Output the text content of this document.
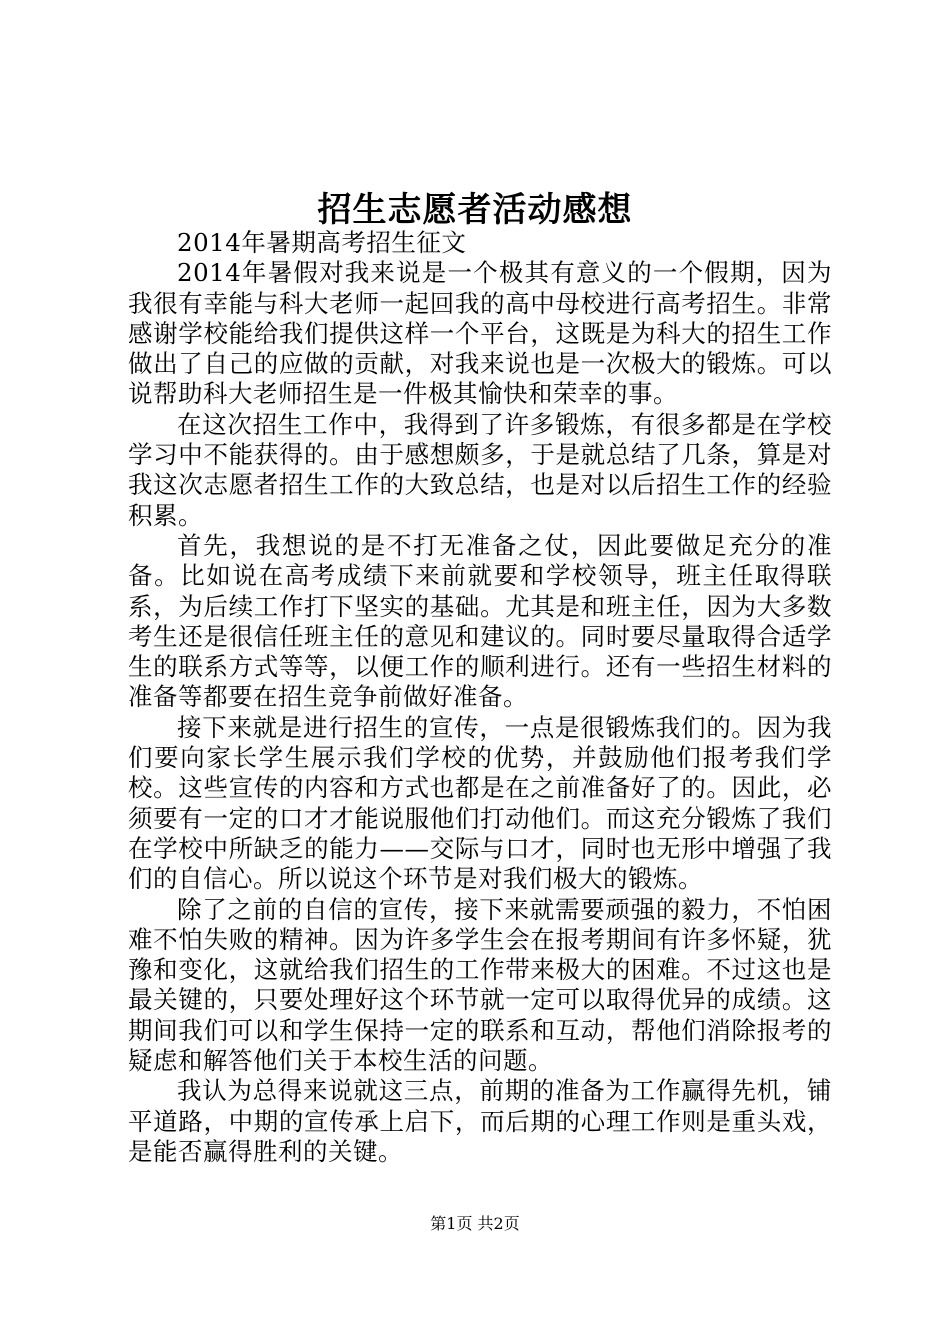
招生志愿者活动感想

2014年暑期高考招生征文

2014年暑假对我来说是一个极其有意义的一个假期，因为我很有幸能与科大老师一起回我的高中母校进行高考招生。非常感谢学校能给我们提供这样一个平台，这既是为科大的招生工作做出了自己的应做的贡献，对我来说也是一次极大的锻炼。可以说帮助科大老师招生是一件极其愉快和荣幸的事。

在这次招生工作中，我得到了许多锻炼，有很多都是在学校学习中不能获得的。由于感想颇多，于是就总结了几条，算是对我这次志愿者招生工作的大致总结，也是对以后招生工作的经验积累。

首先，我想说的是不打无准备之仗，因此要做足充分的准备。比如说在高考成绩下来前就要和学校领导，班主任取得联系，为后续工作打下坚实的基础。尤其是和班主任，因为大多数考生还是很信任班主任的意见和建议的。同时要尽量取得合适学生的联系方式等等，以便工作的顺利进行。还有一些招生材料的准备等都要在招生竞争前做好准备。

接下来就是进行招生的宣传，一点是很锻炼我们的。因为我们要向家长学生展示我们学校的优势，并鼓励他们报考我们学校。这些宣传的内容和方式也都是在之前准备好了的。因此，必须要有一定的口才才能说服他们打动他们。而这充分锻炼了我们在学校中所缺乏的能力——交际与口才，同时也无形中增强了我们的自信心。所以说这个环节是对我们极大的锻炼。

除了之前的自信的宣传，接下来就需要顽强的毅力，不怕困难不怕失败的精神。因为许多学生会在报考期间有许多怀疑，犹豫和变化，这就给我们招生的工作带来极大的困难。不过这也是最关键的，只要处理好这个环节就一定可以取得优异的成绩。这期间我们可以和学生保持一定的联系和互动，帮他们消除报考的疑虑和解答他们关于本校生活的问题。

我认为总得来说就这三点，前期的准备为工作赢得先机，铺平道路，中期的宣传承上启下，而后期的心理工作则是重头戏，是能否赢得胜利的关键。

第1页 共2页
